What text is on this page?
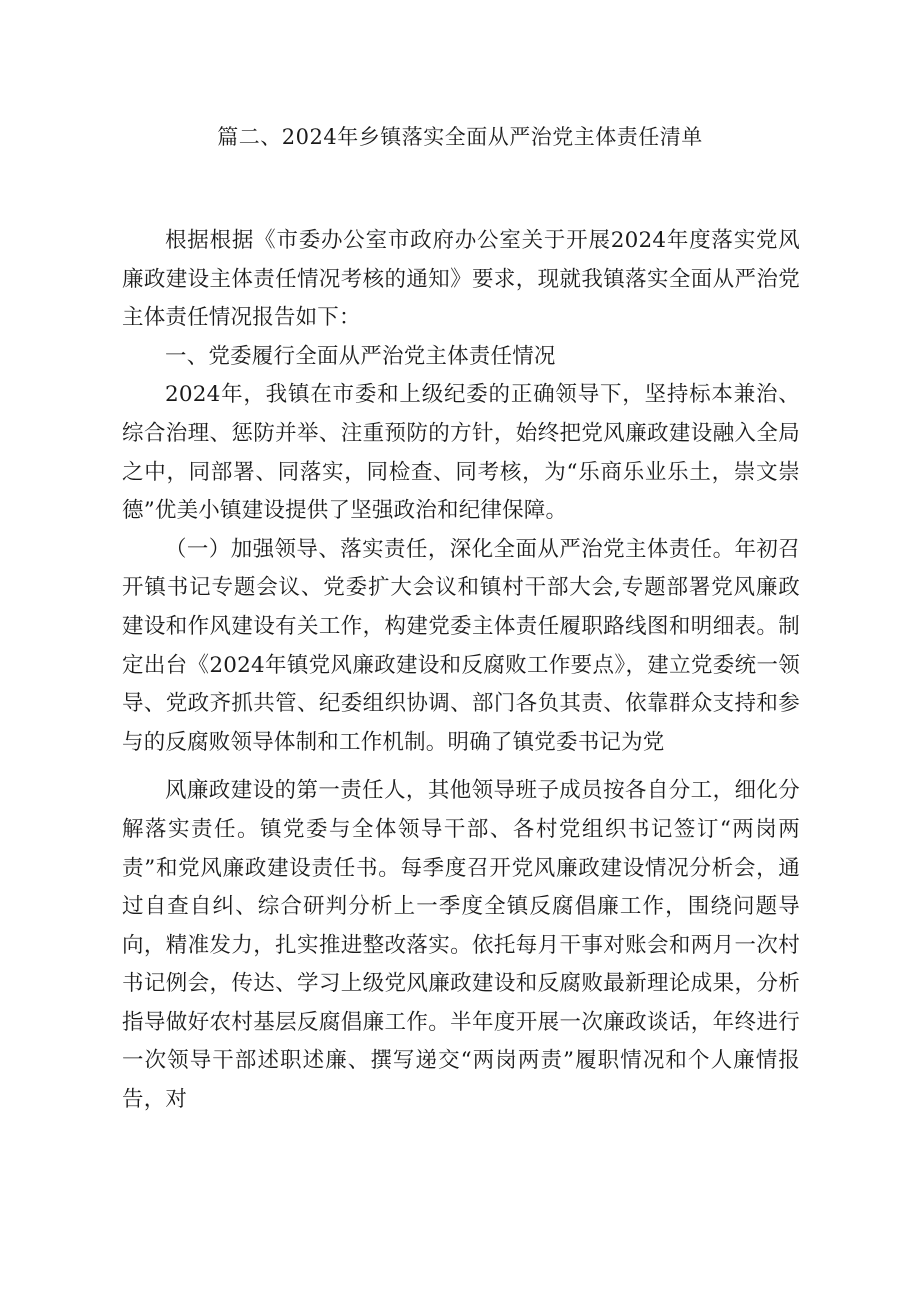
篇二、2024年乡镇落实全面从严治党主体责任清单

根据根据《市委办公室市政府办公室关于开展2024年度落实党风廉政建设主体责任情况考核的通知》要求，现就我镇落实全面从严治党主体责任情况报告如下：

一、党委履行全面从严治党主体责任情况

2024年，我镇在市委和上级纪委的正确领导下，坚持标本兼治、综合治理、惩防并举、注重预防的方针，始终把党风廉政建设融入全局之中，同部署、同落实，同检查、同考核，为“乐商乐业乐土，崇文崇德”优美小镇建设提供了坚强政治和纪律保障。

（一）加强领导、落实责任，深化全面从严治党主体责任。年初召开镇书记专题会议、党委扩大会议和镇村干部大会,专题部署党风廉政建设和作风建设有关工作，构建党委主体责任履职路线图和明细表。制定出台《2024年镇党风廉政建设和反腐败工作要点》，建立党委统一领导、党政齐抓共管、纪委组织协调、部门各负其责、依靠群众支持和参与的反腐败领导体制和工作机制。明确了镇党委书记为党

风廉政建设的第一责任人，其他领导班子成员按各自分工，细化分解落实责任。镇党委与全体领导干部、各村党组织书记签订“两岗两责”和党风廉政建设责任书。每季度召开党风廉政建设情况分析会，通过自查自纠、综合研判分析上一季度全镇反腐倡廉工作，围绕问题导向，精准发力，扎实推进整改落实。依托每月干事对账会和两月一次村书记例会，传达、学习上级党风廉政建设和反腐败最新理论成果，分析指导做好农村基层反腐倡廉工作。半年度开展一次廉政谈话，年终进行一次领导干部述职述廉、撰写递交“两岗两责”履职情况和个人廉情报告，对
